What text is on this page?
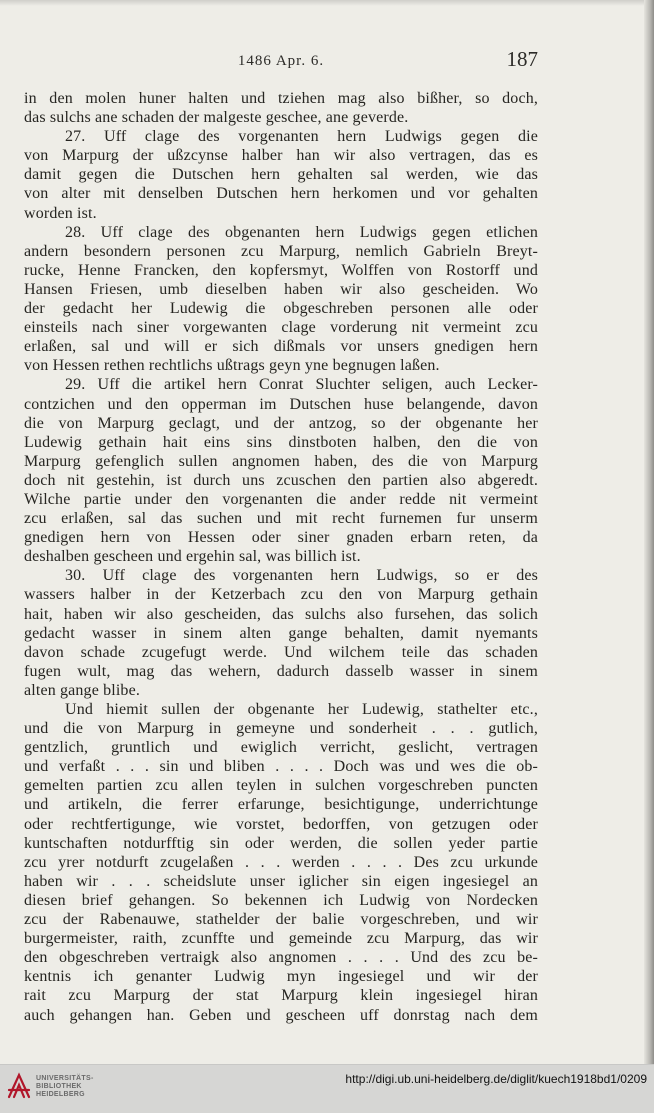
1486 Apr. 6.	187
in den molen huner halten und tziehen mag also bißher, so doch,
das sulchs ane schaden der malgeste geschee, ane geverde.
27. Uff clage des vorgenanten hern Ludwigs gegen die
von Marpurg der ußzcynse halber han wir also vertragen, das es
damit gegen die Dutschen hern gehalten sal werden, wie das
von alter mit denselben Dutschen hern herkomen und vor gehalten
worden ist.
28. Uff clage des obgenanten hern Ludwigs gegen etlichen
andern besondern personen zcu Marpurg, nemlich Gabrieln Breyt-
rucke, Henne Francken, den kopfersmyt, Wolffen von Rostorff und
Hansen Friesen, umb dieselben haben wir also gescheiden. Wo
der gedacht her Ludewig die obgeschreben personen alle oder
einsteils nach siner vorgewanten clage vorderung nit vermeint zcu
erlaßen, sal und will er sich dißmals vor unsers gnedigen hern
von Hessen rethen rechtlichs ußtrags geyn yne begnugen laßen.
29. Uff die artikel hern Conrat Sluchter seligen, auch Lecker-
contzichen und den opperman im Dutschen huse belangende, davon
die von Marpurg geclagt, und der antzog, so der obgenante her
Ludewig gethain hait eins sins dinstboten halben, den die von
Marpurg gefenglich sullen angnomen haben, des die von Marpurg
doch nit gestehin, ist durch uns zcuschen den partien also abgeredt.
Wilche partie under den vorgenanten die ander redde nit vermeint
zcu erlaßen, sal das suchen und mit recht furnemen fur unserm
gnedigen hern von Hessen oder siner gnaden erbarn reten, da
deshalben gescheen und ergehin sal, was billich ist.
30. Uff clage des vorgenanten hern Ludwigs, so er des
wassers halber in der Ketzerbach zcu den von Marpurg gethain
hait, haben wir also gescheiden, das sulchs also fursehen, das solich
gedacht wasser in sinem alten gange behalten, damit nyemants
davon schade zcugefugt werde. Und wilchem teile das schaden
fugen wult, mag das wehern, dadurch dasselb wasser in sinem
alten gange blibe.
Und hiemit sullen der obgenante her Ludewig, stathelter etc.,
und die von Marpurg in gemeyne und sonderheit . . . gutlich,
gentzlich, gruntlich und ewiglich verricht, geslicht, vertragen
und verfaßt . . . sin und bliben . . . . Doch was und wes die ob-
gemelten partien zcu allen teylen in sulchen vorgeschreben puncten
und artikeln, die ferrer erfarunge, besichtigunge, underrichtunge
oder rechtfertigunge, wie vorstet, bedorffen, von getzugen oder
kuntschaften notdurfftig sin oder werden, die sollen yeder partie
zcu yrer notdurft zcugelaßen . . . werden . . . . Des zcu urkunde
haben wir . . . scheidslute unser iglicher sin eigen ingesiegel an
diesen brief gehangen. So bekennen ich Ludwig von Nordecken
zcu der Rabenauwe, stathelder der balie vorgeschreben, und wir
burgermeister, raith, zcunffte und gemeinde zcu Marpurg, das wir
den obgeschreben vertraigk also angnomen . . . . Und des zcu be-
kentnis ich genanter Ludwig myn ingesiegel und wir der
rait zcu Marpurg der stat Marpurg klein ingesiegel hiran
auch gehangen han. Geben und gescheen uff donrstag nach dem
UNIVERSITÄTS-
BIBLIOTHEK
HEIDELBERG
http://digi.ub.uni-heidelberg.de/diglit/kuech1918bd1/0209
